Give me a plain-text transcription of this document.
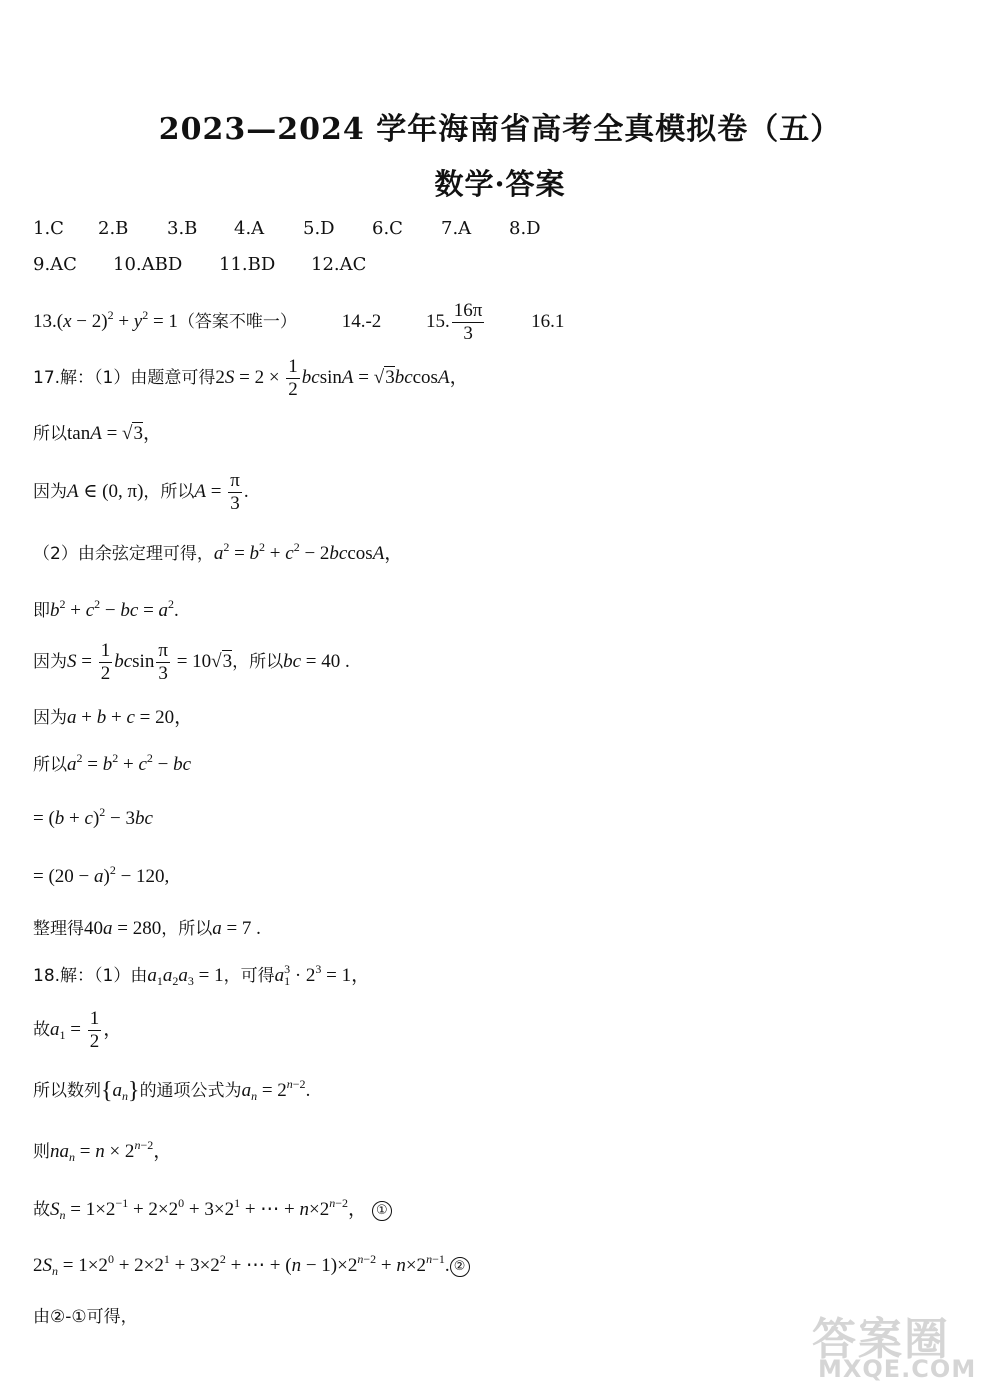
2023—2024 学年海南省高考全真模拟卷（五）
数学·答案
1.C 2.B 3.B 4.A 5.D 6.C 7.A 8.D
9.AC 10.ABD 11.BD 12.AC
$13.(x - 2)^2 + y^2 = 1$（答案不唯一） 14.-2 15. $\frac{16\pi}{3} 16.1$
17.解：（1）由题意可得$2S = 2 \times \frac{1}{2}$ bcsinA = √3bccosA，
所以tanA = √3，
因为A ∈ (0, π)，所以$A = \frac{\pi}{3}$ .
（2）由余弦定理可得，$a^2 = b^2 + c^2 - 2bccosA$，
即$b^2 + c^2$ − bc = $a^2$.
因为$S = \frac{1}{2}$ bcsin $\frac{\pi}{3} = 10√3$，所以bc = 40 .
因为a + b + c = 20，
所以$a^2 = b^2 + c^2$ − bc
= $(b + c)^2 - 3bc$
= $(20 - a)^2 - 120$,
整理得40a = 280，所以a = 7 .
18.解：（1）由$a_1a_2a_3 = 1$，可得$a_1^3 \cdot 2^3 = 1$，
故$a_1 = \frac{1}{2}$ ，
所以数列$\{a_n\}$的通项公式为$a_n = 2^{n-2}$.
则$na_n = n \times 2^{n-2}$，
故$S_n = 1\times 2^{-1} + 2\times 2^0 + 3\times 2^1$ + ⋯ + $n\times 2^{n-2}$， ①
$2S_n = 1\times 2^0 + 2\times 2^1 + 3\times 2^2$ + ⋯ + $(n - 1)\times 2^{n-2} + n\times 2^{n-1}$. ②
由②-①可得，	答案圈
MXQE.COM
